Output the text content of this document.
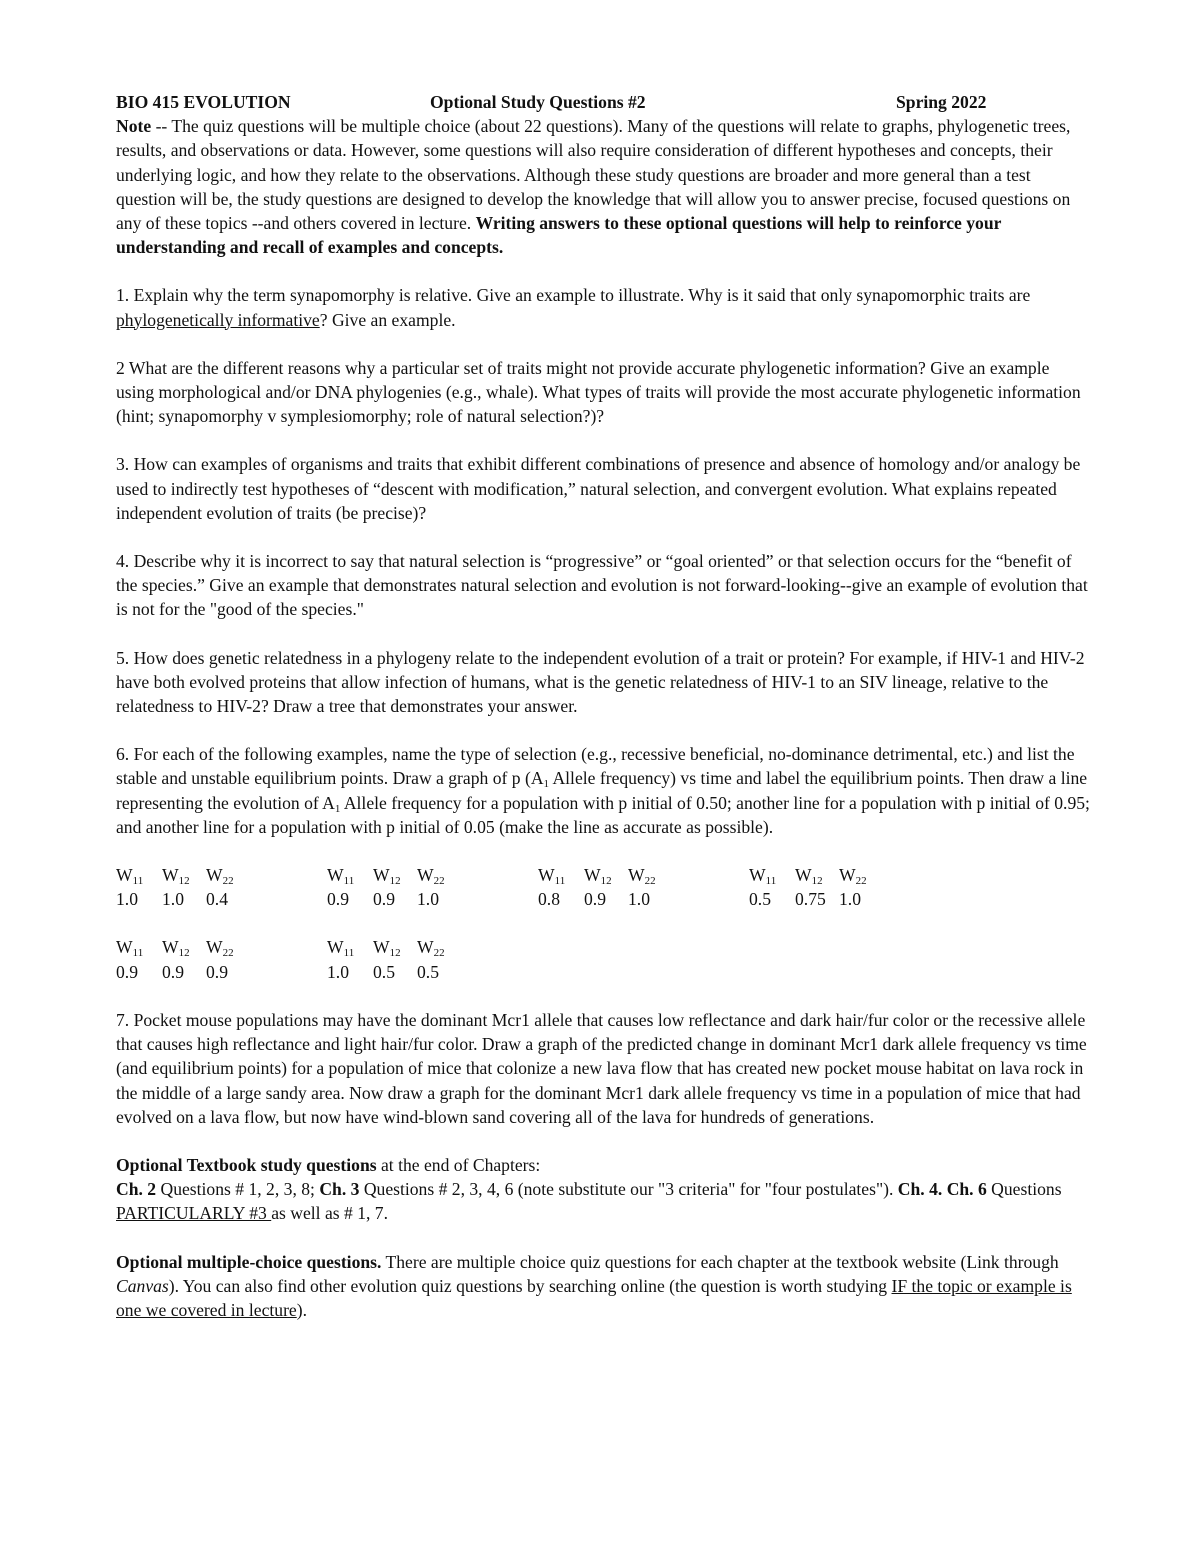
BIO 415 EVOLUTION	Optional Study Questions #2	Spring 2022

Note -- The quiz questions will be multiple choice (about 22 questions). Many of the questions will relate to graphs, phylogenetic trees, results, and observations or data. However, some questions will also require consideration of different hypotheses and concepts, their underlying logic, and how they relate to the observations. Although these study questions are broader and more general than a test question will be, the study questions are designed to develop the knowledge that will allow you to answer precise, focused questions on any of these topics --and others covered in lecture. Writing answers to these optional questions will help to reinforce your understanding and recall of examples and concepts.

1. Explain why the term synapomorphy is relative. Give an example to illustrate. Why is it said that only synapomorphic traits are phylogenetically informative? Give an example.

2 What are the different reasons why a particular set of traits might not provide accurate phylogenetic information? Give an example using morphological and/or DNA phylogenies (e.g., whale). What types of traits will provide the most accurate phylogenetic information (hint; synapomorphy v symplesiomorphy; role of natural selection?)?

3. How can examples of organisms and traits that exhibit different combinations of presence and absence of homology and/or analogy be used to indirectly test hypotheses of “descent with modification,” natural selection, and convergent evolution. What explains repeated independent evolution of traits (be precise)?

4. Describe why it is incorrect to say that natural selection is “progressive” or “goal oriented” or that selection occurs for the “benefit of the species.” Give an example that demonstrates natural selection and evolution is not forward-looking--give an example of evolution that is not for the "good of the species."

5. How does genetic relatedness in a phylogeny relate to the independent evolution of a trait or protein? For example, if HIV-1 and HIV-2 have both evolved proteins that allow infection of humans, what is the genetic relatedness of HIV-1 to an SIV lineage, relative to the relatedness to HIV-2? Draw a tree that demonstrates your answer.

6. For each of the following examples, name the type of selection (e.g., recessive beneficial, no-dominance detrimental, etc.) and list the stable and unstable equilibrium points. Draw a graph of p ($A_1$ Allele frequency) vs time and label the equilibrium points. Then draw a line representing the evolution of $A_1$ Allele frequency for a population with p initial of 0.50; another line for a population with p initial of 0.95; and another line for a population with p initial of 0.05 (make the line as accurate as possible).

$W_{11}$	$W_{12}$ $W_{22}$
1.0	1.0	0.4
$W_{11}$	$W_{12}$ $W_{22}$
0.9	0.9	1.0
$W_{11}$	$W_{12}$ $W_{22}$
0.8	0.9	1.0
$W_{11}$	$W_{12}$ $W_{22}$
0.5	0.75 1.0
$W_{11}$	$W_{12}$ $W_{22}$
0.9	0.9	0.9
$W_{11}$	$W_{12}$ $W_{22}$
1.0	0.5	0.5

7. Pocket mouse populations may have the dominant Mcr1 allele that causes low reflectance and dark hair/fur color or the recessive allele that causes high reflectance and light hair/fur color. Draw a graph of the predicted change in dominant Mcr1 dark allele frequency vs time (and equilibrium points) for a population of mice that colonize a new lava flow that has created new pocket mouse habitat on lava rock in the middle of a large sandy area. Now draw a graph for the dominant Mcr1 dark allele frequency vs time in a population of mice that had evolved on a lava flow, but now have wind-blown sand covering all of the lava for hundreds of generations.

Optional Textbook study questions at the end of Chapters:
Ch. 2 Questions # 1, 2, 3, 8; Ch. 3 Questions # 2, 3, 4, 6 (note substitute our "3 criteria" for "four postulates"). Ch. 4. Ch. 6 Questions PARTICULARLY #3 as well as # 1, 7.

Optional multiple-choice questions. There are multiple choice quiz questions for each chapter at the textbook website (Link through Canvas). You can also find other evolution quiz questions by searching online (the question is worth studying IF the topic or example is one we covered in lecture).
